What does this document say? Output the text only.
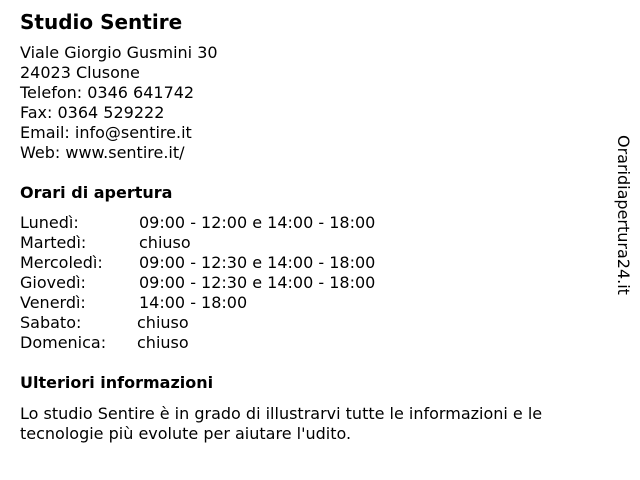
Studio Sentire
Viale Giorgio Gusmini 30
24023 Clusone
Telefon: 0346 641742
Fax: 0364 529222
Email: info@sentire.it
Web: www.sentire.it/
Orari di apertura
Lunedì:	09:00 - 12:00 e 14:00 - 18:00
Martedì:	chiuso
Mercoledì: 09:00 - 12:30 e 14:00 - 18:00
Giovedì:	09:00 - 12:30 e 14:00 - 18:00
Venerdì:	14:00 - 18:00
Sabato:	chiuso
Domenica: chiuso
Ulteriori informazioni
Lo studio Sentire è in grado di illustrarvi tutte le informazioni e le
tecnologie più evolute per aiutare l'udito.
Oraridiapertura24.it
